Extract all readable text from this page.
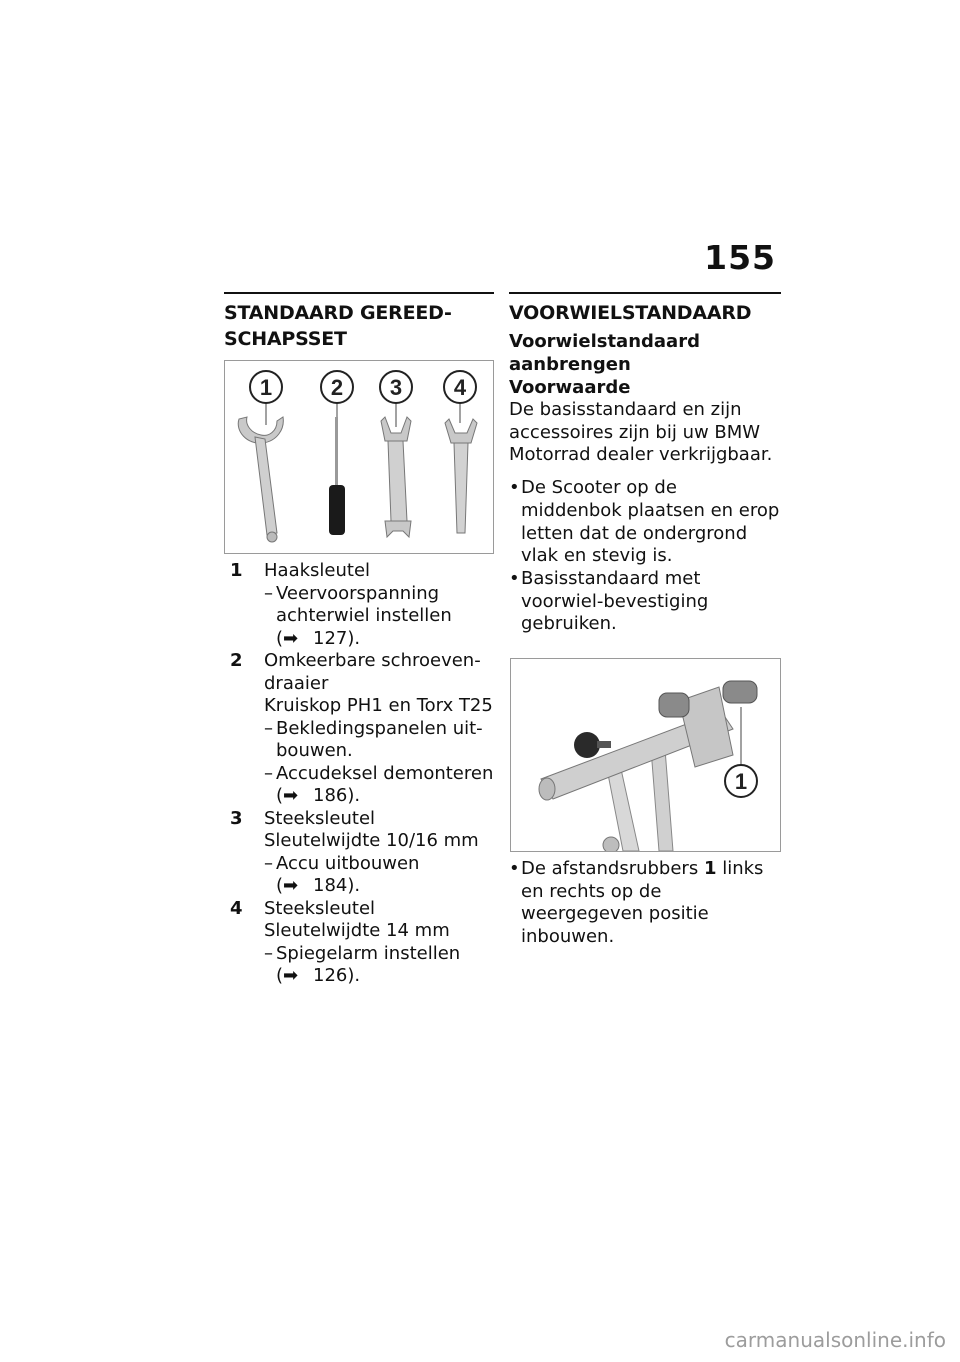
155
STANDAARD GEREED-
SCHAPSSET
1	2 3 4
1	Haaksleutel
– Veervoorspanning achterwiel instellen
(➡ 127).
2	Omkeerbare schroeven-draaier
Kruiskop PH1 en Torx T25
– Bekledingspanelen uit-bouwen.
– Accudeksel demonteren
(➡ 186).
3	Steeksleutel
Sleutelwijdte 10/16 mm
– Accu uitbouwen
(➡ 184).
4	Steeksleutel
Sleutelwijdte 14 mm
– Spiegelarm instellen
(➡ 126).
VOORWIELSTANDAARD

Voorwielstandaard aanbrengen

Voorwaarde

De basisstandaard en zijn accessoires zijn bij uw BMW Motorrad dealer verkrijgbaar.

• De Scooter op de middenbok plaatsen en erop letten dat de ondergrond vlak en stevig is.
• Basisstandaard met voorwiel-bevestiging gebruiken.
1
• De afstandsrubbers 1 links en rechts op de weergegeven positie inbouwen.
carmanualsonline.info
